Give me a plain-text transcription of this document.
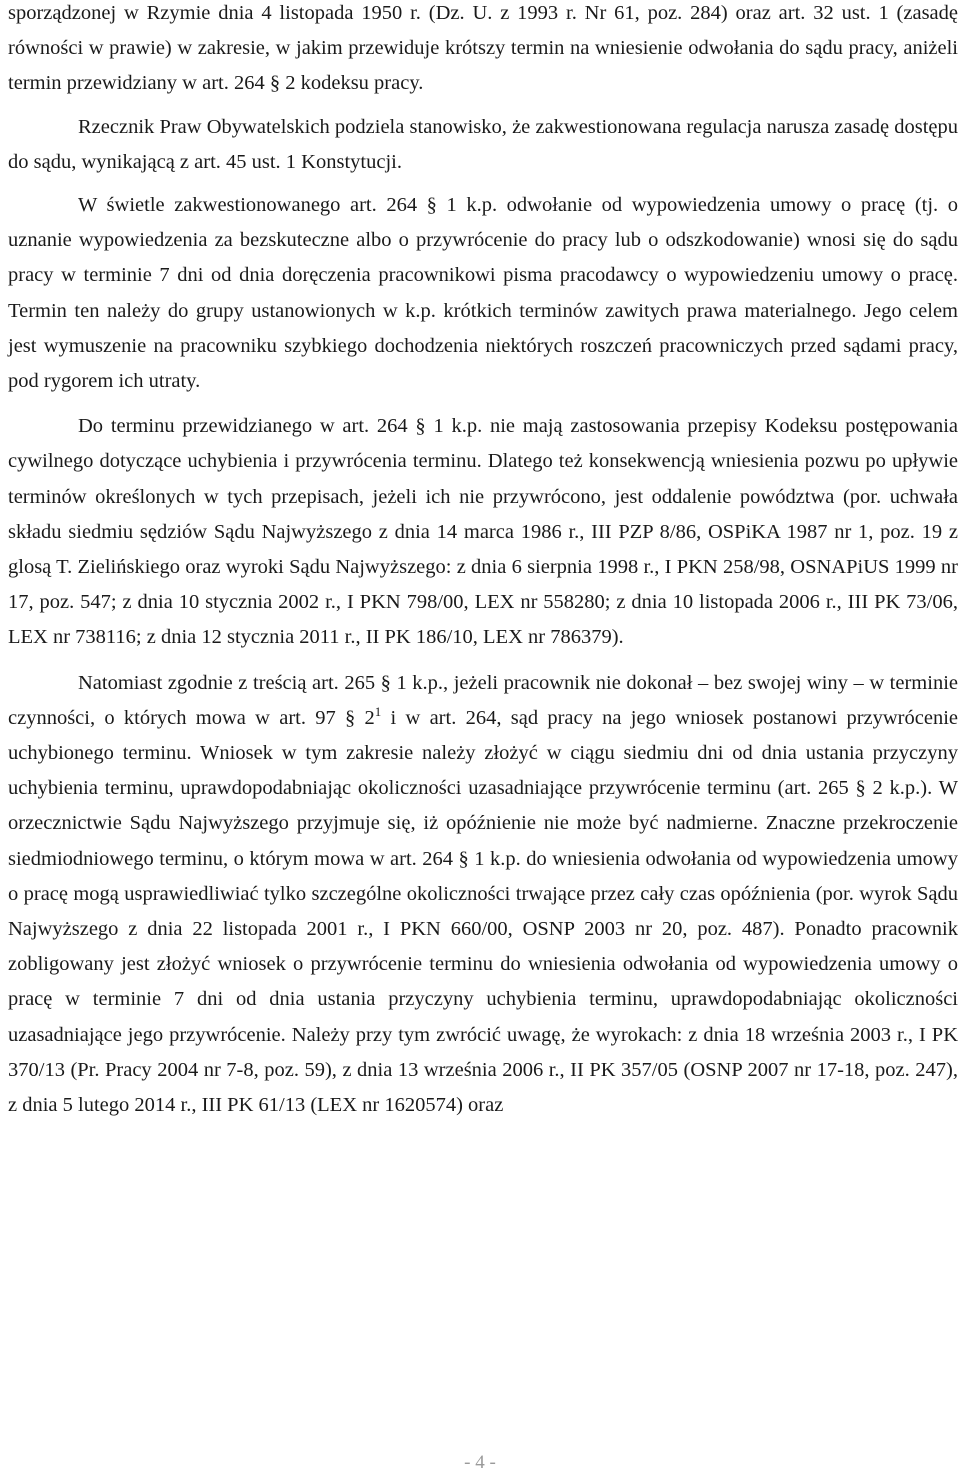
sporządzonej w Rzymie dnia 4 listopada 1950 r. (Dz. U. z 1993 r. Nr 61, poz. 284) oraz art. 32 ust. 1 (zasadę równości w prawie) w zakresie, w jakim przewiduje krótszy termin na wniesienie odwołania do sądu pracy, aniżeli termin przewidziany w art. 264 § 2 kodeksu pracy.

Rzecznik Praw Obywatelskich podziela stanowisko, że zakwestionowana regulacja narusza zasadę dostępu do sądu, wynikającą z art. 45 ust. 1 Konstytucji.

W świetle zakwestionowanego art. 264 § 1 k.p. odwołanie od wypowiedzenia umowy o pracę (tj. o uznanie wypowiedzenia za bezskuteczne albo o przywrócenie do pracy lub o odszkodowanie) wnosi się do sądu pracy w terminie 7 dni od dnia doręczenia pracownikowi pisma pracodawcy o wypowiedzeniu umowy o pracę. Termin ten należy do grupy ustanowionych w k.p. krótkich terminów zawitych prawa materialnego. Jego celem jest wymuszenie na pracowniku szybkiego dochodzenia niektórych roszczeń pracowniczych przed sądami pracy, pod rygorem ich utraty.

Do terminu przewidzianego w art. 264 § 1 k.p. nie mają zastosowania przepisy Kodeksu postępowania cywilnego dotyczące uchybienia i przywrócenia terminu. Dlatego też konsekwencją wniesienia pozwu po upływie terminów określonych w tych przepisach, jeżeli ich nie przywrócono, jest oddalenie powództwa (por. uchwała składu siedmiu sędziów Sądu Najwyższego z dnia 14 marca 1986 r., III PZP 8/86, OSPiKA 1987 nr 1, poz. 19 z glosą T. Zielińskiego oraz wyroki Sądu Najwyższego: z dnia 6 sierpnia 1998 r., I PKN 258/98, OSNAPiUS 1999 nr 17, poz. 547; z dnia 10 stycznia 2002 r., I PKN 798/00, LEX nr 558280; z dnia 10 listopada 2006 r., III PK 73/06, LEX nr 738116; z dnia 12 stycznia 2011 r., II PK 186/10, LEX nr 786379).

Natomiast zgodnie z treścią art. 265 § 1 k.p., jeżeli pracownik nie dokonał – bez swojej winy – w terminie czynności, o których mowa w art. 97 § $2^1$ i w art. 264, sąd pracy na jego wniosek postanowi przywrócenie uchybionego terminu. Wniosek w tym zakresie należy złożyć w ciągu siedmiu dni od dnia ustania przyczyny uchybienia terminu, uprawdopodabniając okoliczności uzasadniające przywrócenie terminu (art. 265 § 2 k.p.). W orzecznictwie Sądu Najwyższego przyjmuje się, iż opóźnienie nie może być nadmierne. Znaczne przekroczenie siedmiodniowego terminu, o którym mowa w art. 264 § 1 k.p. do wniesienia odwołania od wypowiedzenia umowy o pracę mogą usprawiedliwiać tylko szczególne okoliczności trwające przez cały czas opóźnienia (por. wyrok Sądu Najwyższego z dnia 22 listopada 2001 r., I PKN 660/00, OSNP 2003 nr 20, poz. 487). Ponadto pracownik zobligowany jest złożyć wniosek o przywrócenie terminu do wniesienia odwołania od wypowiedzenia umowy o pracę w terminie 7 dni od dnia ustania przyczyny uchybienia terminu, uprawdopodabniając okoliczności uzasadniające jego przywrócenie. Należy przy tym zwrócić uwagę, że wyrokach: z dnia 18 września 2003 r., I PK 370/13 (Pr. Pracy 2004 nr 7-8, poz. 59), z dnia 13 września 2006 r., II PK 357/05 (OSNP 2007 nr 17-18, poz. 247), z dnia 5 lutego 2014 r., III PK 61/13 (LEX nr 1620574) oraz

- 4 -
